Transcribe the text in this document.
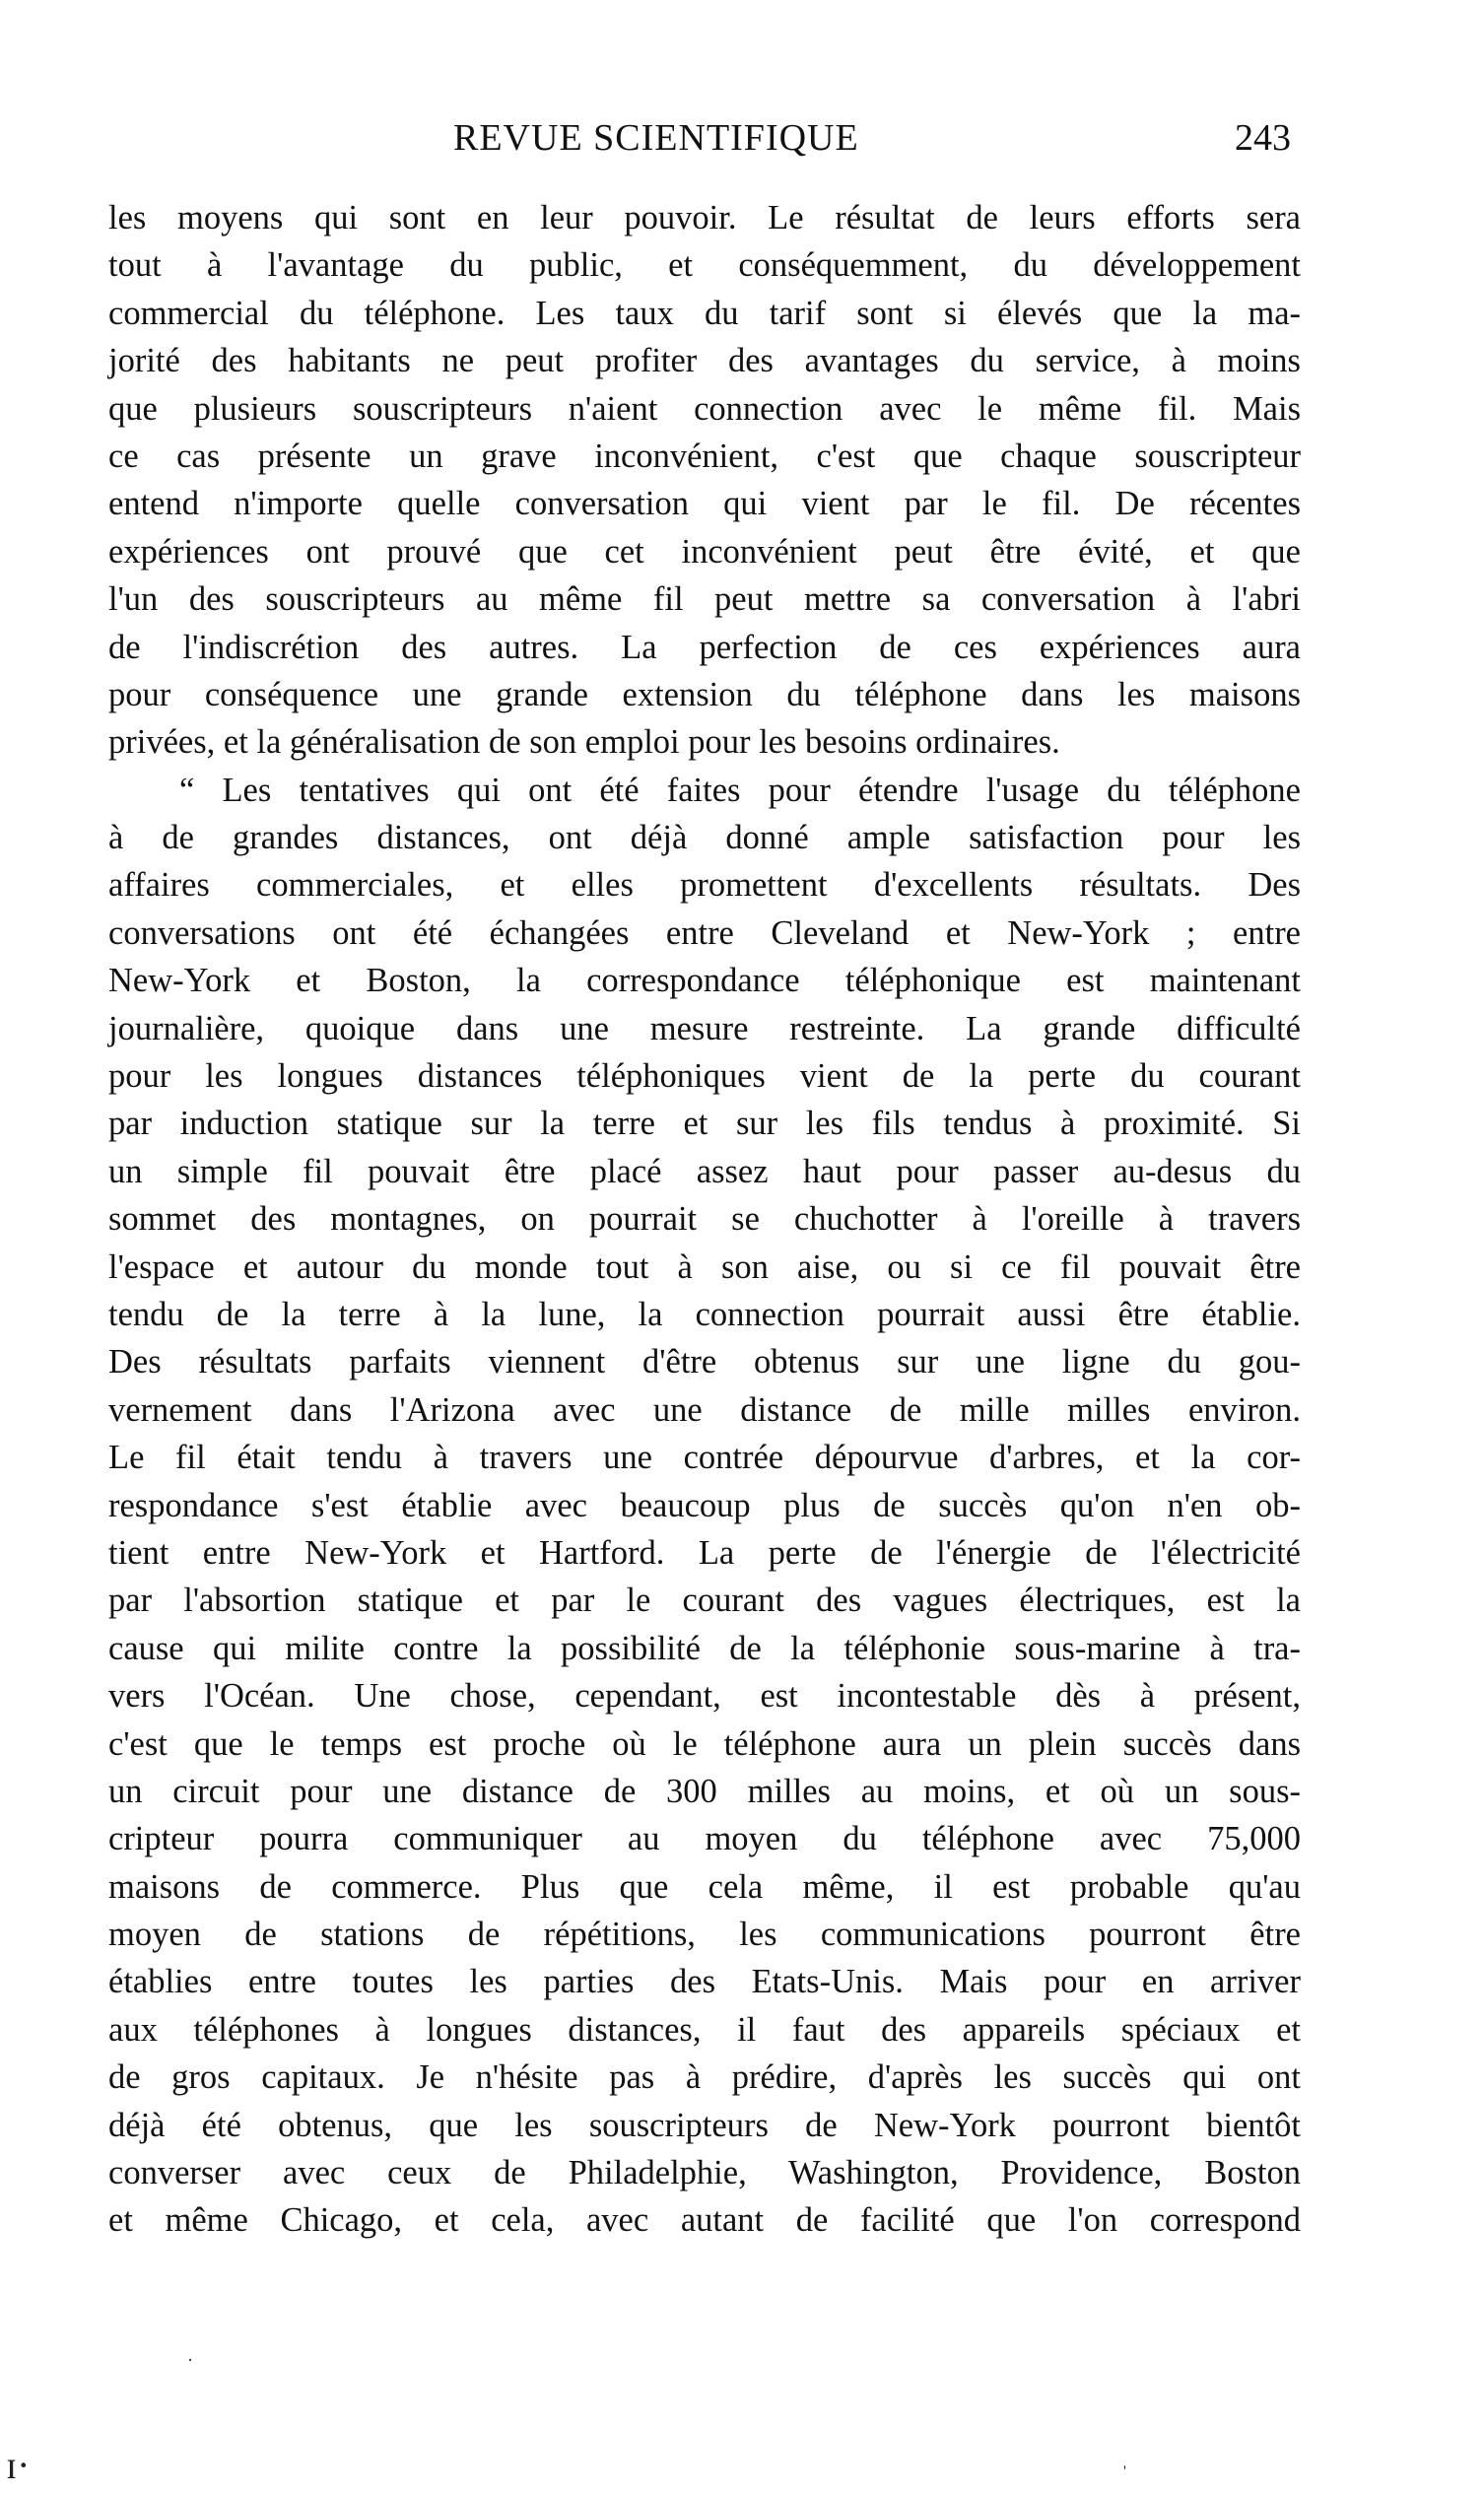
REVUE SCIENTIFIQUE	243
les moyens qui sont en leur pouvoir. Le résultat de leurs efforts sera
tout à l'avantage du public, et conséquemment, du développement
commercial du téléphone. Les taux du tarif sont si élevés que la ma-
jorité des habitants ne peut profiter des avantages du service, à moins
que plusieurs souscripteurs n'aient connection avec le même fil. Mais
ce cas présente un grave inconvénient, c'est que chaque souscripteur
entend n'importe quelle conversation qui vient par le fil. De récentes
expériences ont prouvé que cet inconvénient peut être évité, et que
l'un des souscripteurs au même fil peut mettre sa conversation à l'abri
de l'indiscrétion des autres. La perfection de ces expériences aura
pour conséquence une grande extension du téléphone dans les maisons
privées, et la généralisation de son emploi pour les besoins ordinaires.
“ Les tentatives qui ont été faites pour étendre l'usage du téléphone
à de grandes distances, ont déjà donné ample satisfaction pour les
affaires commerciales, et elles promettent d'excellents résultats. Des
conversations ont été échangées entre Cleveland et New-York ; entre
New-York et Boston, la correspondance téléphonique est maintenant
journalière, quoique dans une mesure restreinte. La grande difficulté
pour les longues distances téléphoniques vient de la perte du courant
par induction statique sur la terre et sur les fils tendus à proximité. Si
un simple fil pouvait être placé assez haut pour passer au-desus du
sommet des montagnes, on pourrait se chuchotter à l'oreille à travers
l'espace et autour du monde tout à son aise, ou si ce fil pouvait être
tendu de la terre à la lune, la connection pourrait aussi être établie.
Des résultats parfaits viennent d'être obtenus sur une ligne du gou-
vernement dans l'Arizona avec une distance de mille milles environ.
Le fil était tendu à travers une contrée dépourvue d'arbres, et la cor-
respondance s'est établie avec beaucoup plus de succès qu'on n'en ob-
tient entre New-York et Hartford. La perte de l'énergie de l'électricité
par l'absortion statique et par le courant des vagues électriques, est la
cause qui milite contre la possibilité de la téléphonie sous-marine à tra-
vers l'Océan. Une chose, cependant, est incontestable dès à présent,
c'est que le temps est proche où le téléphone aura un plein succès dans
un circuit pour une distance de 300 milles au moins, et où un sous-
cripteur pourra communiquer au moyen du téléphone avec 75,000
maisons de commerce. Plus que cela même, il est probable qu'au
moyen de stations de répétitions, les communications pourront être
établies entre toutes les parties des Etats-Unis. Mais pour en arriver
aux téléphones à longues distances, il faut des appareils spéciaux et
de gros capitaux. Je n'hésite pas à prédire, d'après les succès qui ont
déjà été obtenus, que les souscripteurs de New-York pourront bientôt
converser avec ceux de Philadelphie, Washington, Providence, Boston
et même Chicago, et cela, avec autant de facilité que l'on correspond
ɪ·
·
'
